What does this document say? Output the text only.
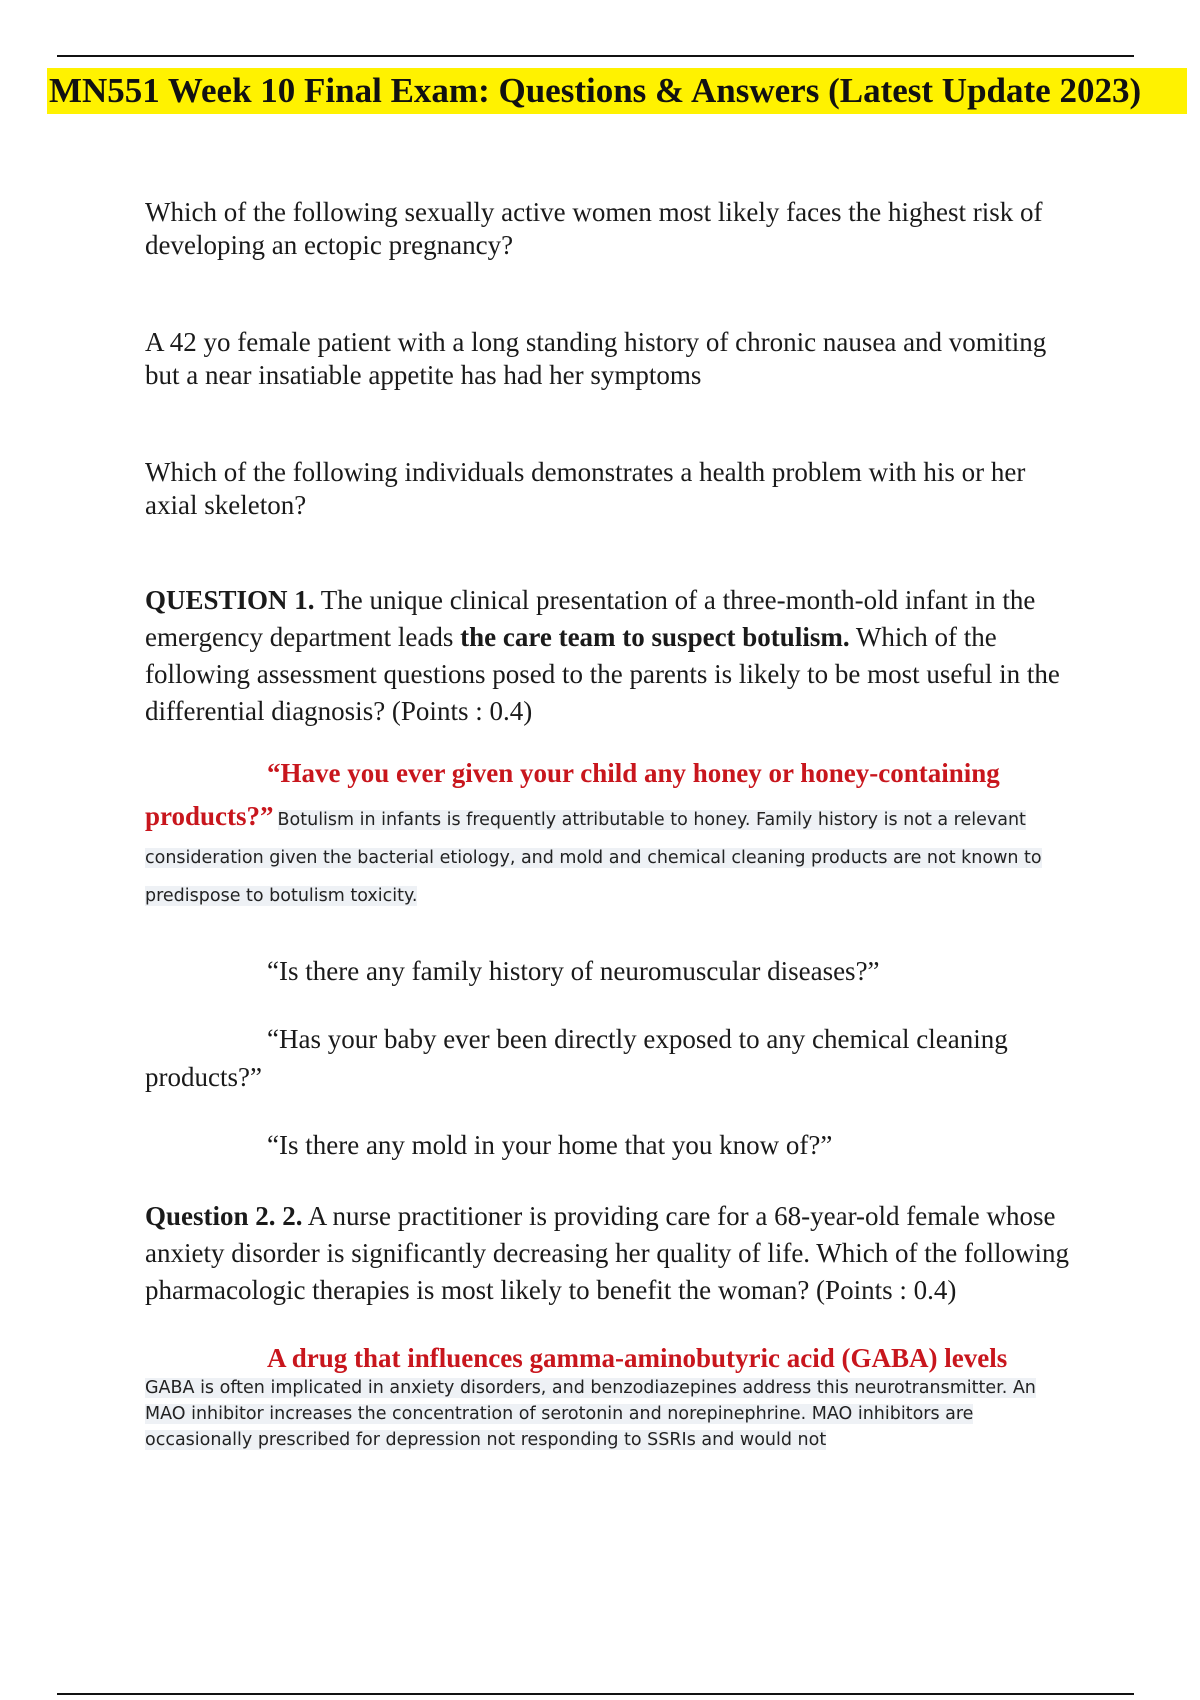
MN551 Week 10 Final Exam: Questions & Answers (Latest Update 2023)

Which of the following sexually active women most likely faces the highest risk of developing an ectopic pregnancy?

A 42 yo female patient with a long standing history of chronic nausea and vomiting but a near insatiable appetite has had her symptoms

Which of the following individuals demonstrates a health problem with his or her axial skeleton?

QUESTION 1. The unique clinical presentation of a three-month-old infant in the emergency department leads the care team to suspect botulism. Which of the following assessment questions posed to the parents is likely to be most useful in the differential diagnosis? (Points : 0.4)

“Have you ever given your child any honey or honey-containing products?” Botulism in infants is frequently attributable to honey. Family history is not a relevant consideration given the bacterial etiology, and mold and chemical cleaning products are not known to predispose to botulism toxicity.

“Is there any family history of neuromuscular diseases?”

“Has your baby ever been directly exposed to any chemical cleaning products?”

“Is there any mold in your home that you know of?”

Question 2. 2. A nurse practitioner is providing care for a 68-year-old female whose anxiety disorder is significantly decreasing her quality of life. Which of the following pharmacologic therapies is most likely to benefit the woman? (Points : 0.4)

A drug that influences gamma-aminobutyric acid (GABA) levels

GABA is often implicated in anxiety disorders, and benzodiazepines address this neurotransmitter. An MAO inhibitor increases the concentration of serotonin and norepinephrine. MAO inhibitors are occasionally prescribed for depression not responding to SSRIs and would not
